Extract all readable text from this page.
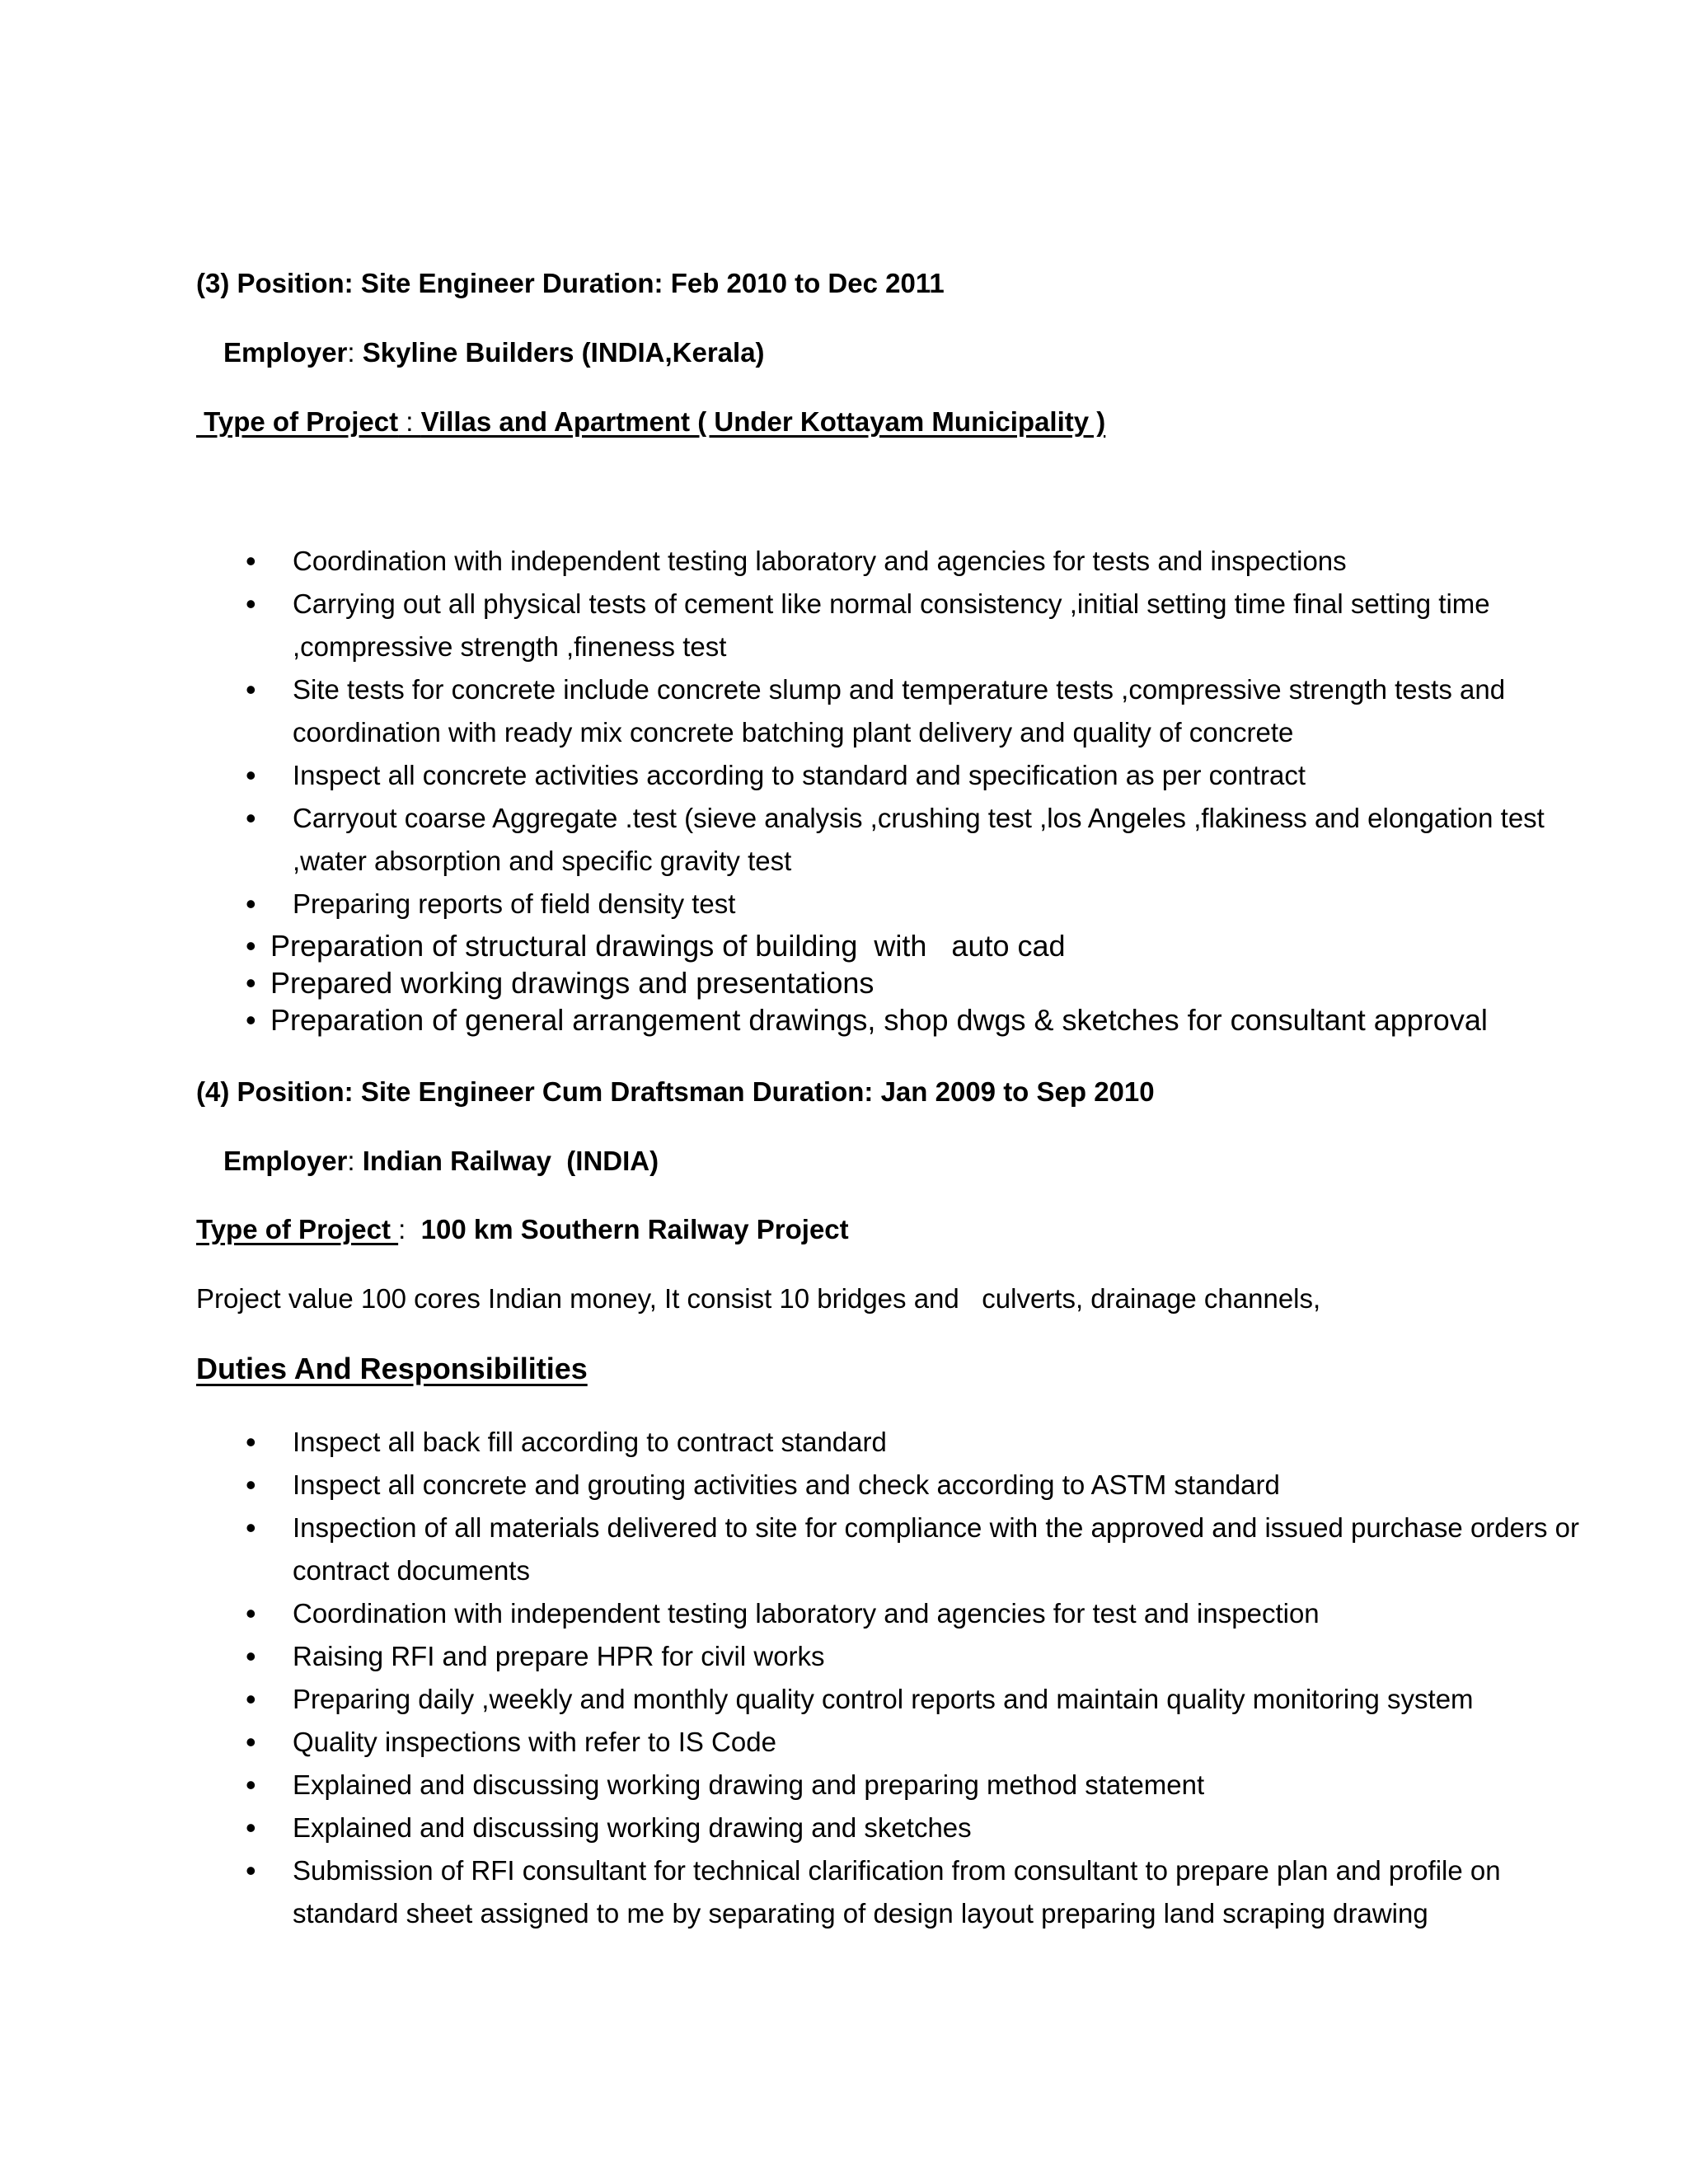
(3) Position: Site Engineer Duration: Feb 2010 to Dec 2011
Employer: Skyline Builders (INDIA,Kerala)
Type of Project : Villas and Apartment ( Under Kottayam Municipality )
• Coordination with independent testing laboratory and agencies for tests and inspections
• Carrying out all physical tests of cement like normal consistency ,initial setting time final setting time ,compressive strength ,fineness test
• Site tests for concrete include concrete slump and temperature tests ,compressive strength tests and coordination with ready mix concrete batching plant delivery and quality of concrete
• Inspect all concrete activities according to standard and specification as per contract
• Carryout coarse Aggregate .test (sieve analysis ,crushing test ,los Angeles ,flakiness and elongation test ,water absorption and specific gravity test
• Preparing reports of field density test
• Preparation of structural drawings of building  with   auto cad
• Prepared working drawings and presentations
• Preparation of general arrangement drawings, shop dwgs & sketches for consultant approval
(4) Position: Site Engineer Cum Draftsman Duration: Jan 2009 to Sep 2010
Employer: Indian Railway  (INDIA)
Type of Project :  100 km Southern Railway Project
Project value 100 cores Indian money, It consist 10 bridges and   culverts, drainage channels,
Duties And Responsibilities
• Inspect all back fill according to contract standard
• Inspect all concrete and grouting activities and check according to ASTM standard
• Inspection of all materials delivered to site for compliance with the approved and issued purchase orders or contract documents
• Coordination with independent testing laboratory and agencies for test and inspection
• Raising RFI and prepare HPR for civil works
• Preparing daily ,weekly and monthly quality control reports and maintain quality monitoring system
• Quality inspections with refer to IS Code
• Explained and discussing working drawing and preparing method statement
• Explained and discussing working drawing and sketches
• Submission of RFI consultant for technical clarification from consultant to prepare plan and profile on standard sheet assigned to me by separating of design layout preparing land scraping drawing
